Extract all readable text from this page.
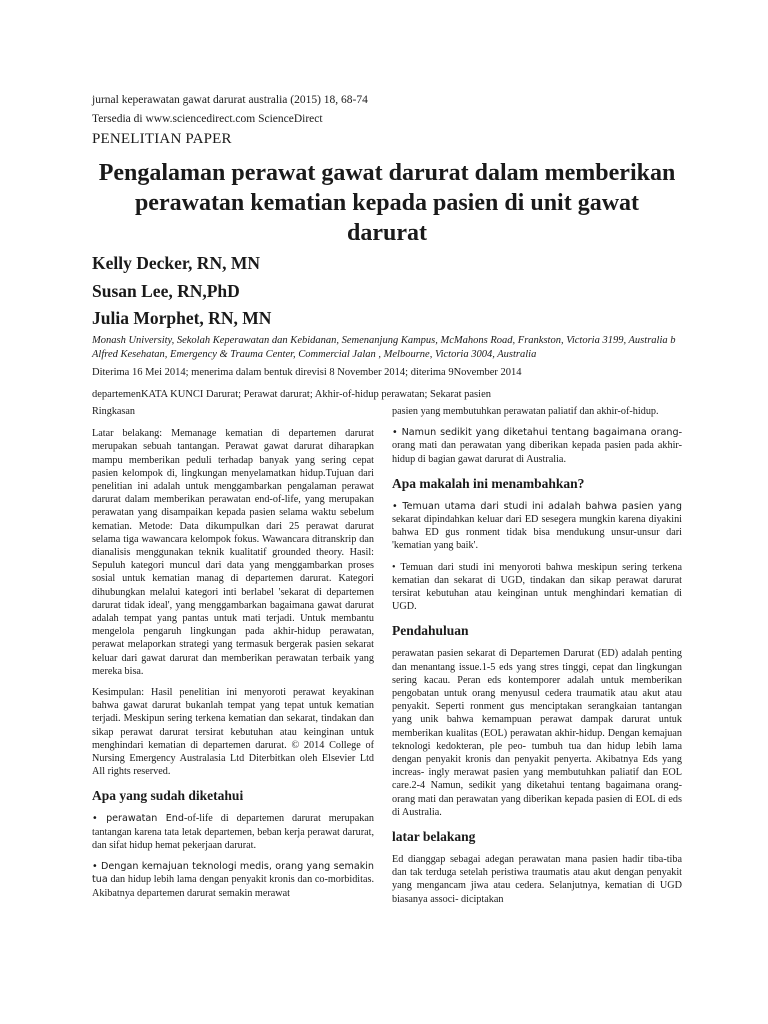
jurnal keperawatan gawat darurat australia (2015) 18, 68-74
Tersedia di www.sciencedirect.com ScienceDirect
PENELITIAN PAPER
Pengalaman perawat gawat darurat dalam memberikan perawatan kematian kepada pasien di unit gawat darurat
Kelly Decker, RN, MN
Susan Lee, RN,PhD
Julia Morphet, RN, MN
Monash University, Sekolah Keperawatan dan Kebidanan, Semenanjung Kampus, McMahons Road, Frankston, Victoria 3199, Australia b Alfred Kesehatan, Emergency & Trauma Center, Commercial Jalan , Melbourne, Victoria 3004, Australia
Diterima 16 Mei 2014; menerima dalam bentuk direvisi 8 November 2014; diterima 9November 2014
departemenKATA KUNCI Darurat; Perawat darurat; Akhir-of-hidup perawatan; Sekarat pasien

Ringkasan

Latar belakang: Memanage kematian di departemen darurat merupakan sebuah tantangan. Perawat gawat darurat diharapkan mampu memberikan peduli terhadap banyak yang sering cepat pasien kelompok di, lingkungan menyelamatkan hidup.Tujuan dari penelitian ini adalah untuk menggambarkan pengalaman perawat darurat dalam memberikan perawatan end-of-life, yang merupakan perawatan yang disampaikan kepada pasien selama waktu sebelum kematian. Metode: Data dikumpulkan dari 25 perawat darurat selama tiga wawancara kelompok fokus. Wawancara ditranskrip dan dianalisis menggunakan teknik kualitatif grounded theory. Hasil: Sepuluh kategori muncul dari data yang menggambarkan proses sosial untuk kematian manag di departemen darurat. Kategori dihubungkan melalui kategori inti berlabel 'sekarat di departemen darurat tidak ideal', yang menggambarkan bagaimana gawat darurat adalah tempat yang pantas untuk mati terjadi. Untuk membantu mengelola pengaruh lingkungan pada akhir-hidup perawatan, perawat melaporkan strategi yang termasuk bergerak pasien sekarat keluar dari gawat darurat dan memberikan perawatan terbaik yang mereka bisa.

Kesimpulan: Hasil penelitian ini menyoroti perawat keyakinan bahwa gawat darurat bukanlah tempat yang tepat untuk kematian terjadi. Meskipun sering terkena kematian dan sekarat, tindakan dan sikap perawat darurat tersirat kebutuhan atau keinginan untuk menghindari kematian di departemen darurat. © 2014 College of Nursing Emergency Australasia Ltd Diterbitkan oleh Elsevier Ltd All rights reserved.

Apa yang sudah diketahui

• perawatan End-of-life di departemen darurat merupakan tantangan karena tata letak departemen, beban kerja perawat darurat, dan sifat hidup hemat pekerjaan darurat.

• Dengan kemajuan teknologi medis, orang yang semakin tua dan hidup lebih lama dengan penyakit kronis dan co-morbiditas. Akibatnya departemen darurat semakin merawat

pasien yang membutuhkan perawatan paliatif dan akhir-of-hidup.

• Namun sedikit yang diketahui tentang bagaimana orang-orang mati dan perawatan yang diberikan kepada pasien pada akhir-hidup di bagian gawat darurat di Australia.

Apa makalah ini menambahkan?

• Temuan utama dari studi ini adalah bahwa pasien yang sekarat dipindahkan keluar dari ED sesegera mungkin karena diyakini bahwa ED gus ronment tidak bisa mendukung unsur-unsur dari 'kematian yang baik'.

• Temuan dari studi ini menyoroti bahwa meskipun sering terkena kematian dan sekarat di UGD, tindakan dan sikap perawat darurat tersirat kebutuhan atau keinginan untuk menghindari kematian di UGD.

Pendahuluan

perawatan pasien sekarat di Departemen Darurat (ED) adalah penting dan menantang issue.1-5 eds yang stres tinggi, cepat dan lingkungan sering kacau. Peran eds kontemporer adalah untuk memberikan pengobatan untuk orang menyusul cedera traumatik atau akut atau penyakit. Seperti ronment gus menciptakan serangkaian tantangan yang unik bahwa kemampuan perawat dampak darurat untuk memberikan kualitas (EOL) perawatan akhir-hidup. Dengan kemajuan teknologi kedokteran, ple peo- tumbuh tua dan hidup lebih lama dengan penyakit kronis dan penyakit penyerta. Akibatnya Eds yang increas- ingly merawat pasien yang membutuhkan paliatif dan EOL care.2-4 Namun, sedikit yang diketahui tentang bagaimana orang-orang mati dan perawatan yang diberikan kepada pasien di EOL di eds di Australia.

latar belakang

Ed dianggap sebagai adegan perawatan mana pasien hadir tiba-tiba dan tak terduga setelah peristiwa traumatis atau akut dengan penyakit yang mengancam jiwa atau cedera. Selanjutnya, kematian di UGD biasanya associ- diciptakan
